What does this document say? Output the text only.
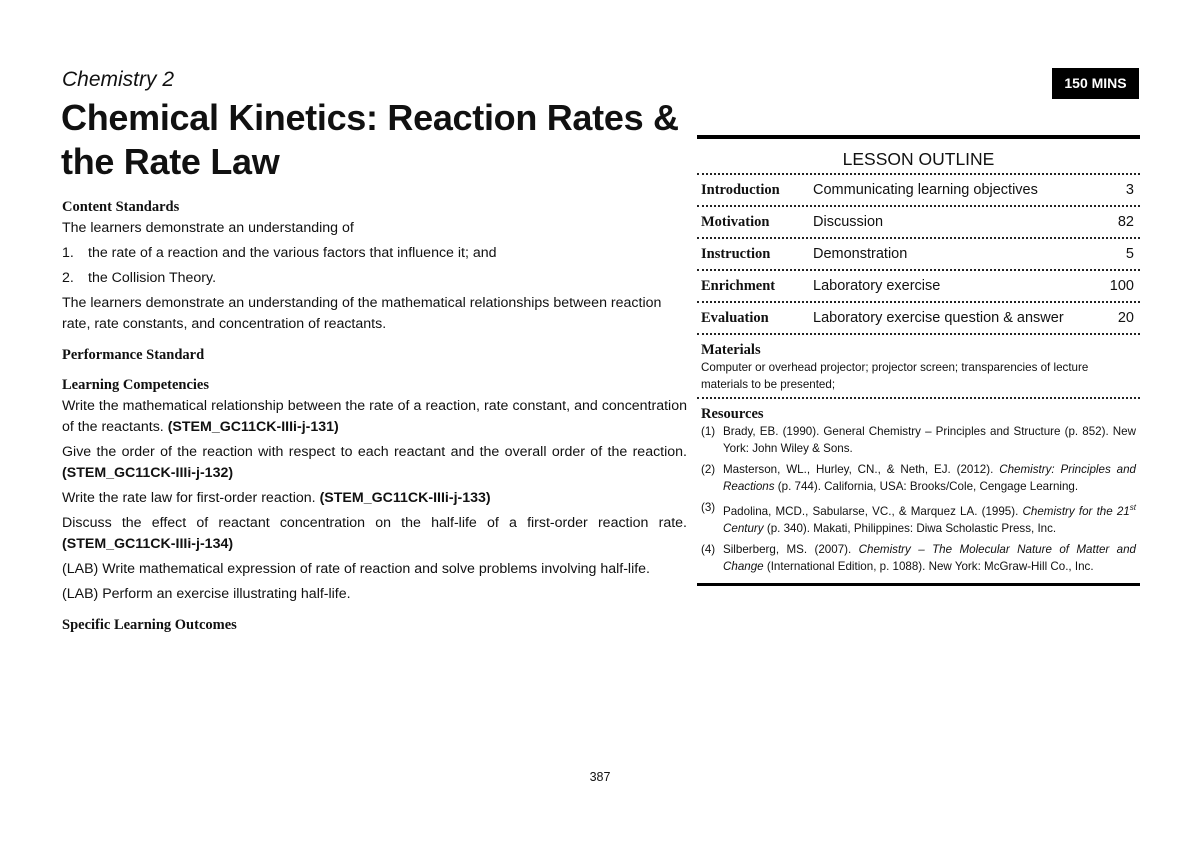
Chemistry 2
Chemical Kinetics: Reaction Rates & the Rate Law
150 MINS
Content Standards

The learners demonstrate an understanding of

1. the rate of a reaction and the various factors that influence it; and
2. the Collision Theory.

The learners demonstrate an understanding of the mathematical relationships between reaction rate, rate constants, and concentration of reactants.

Performance Standard
Learning Competencies

Write the mathematical relationship between the rate of a reaction, rate constant, and concentration of the reactants. (STEM_GC11CK-IIIi-j-131)

Give the order of the reaction with respect to each reactant and the overall order of the reaction. (STEM_GC11CK-IIIi-j-132)

Write the rate law for first-order reaction. (STEM_GC11CK-IIIi-j-133)

Discuss the effect of reactant concentration on the half-life of a first-order reaction rate. (STEM_GC11CK-IIIi-j-134)

(LAB) Write mathematical expression of rate of reaction and solve problems involving half-life.

(LAB) Perform an exercise illustrating half-life.

Specific Learning Outcomes
LESSON OUTLINE
Introduction	Communicating learning objectives	3
Motivation	Discussion	82
Instruction	Demonstration	5
Enrichment	Laboratory exercise	100
Evaluation	Laboratory exercise question & answer	20
Materials
Computer or overhead projector; projector screen; transparencies of lecture materials to be presented;
Resources
(1) Brady, EB. (1990). General Chemistry – Principles and Structure (p. 852). New York: John Wiley & Sons.
(2) Masterson, WL., Hurley, CN., & Neth, EJ. (2012). Chemistry: Principles and Reactions (p. 744). California, USA: Brooks/Cole, Cengage Learning.
(3) Padolina, MCD., Sabularse, VC., & Marquez LA. (1995). Chemistry for the 21st Century (p. 340). Makati, Philippines: Diwa Scholastic Press, Inc.
(4) Silberberg, MS. (2007). Chemistry – The Molecular Nature of Matter and Change (International Edition, p. 1088). New York: McGraw-Hill Co., Inc.
387
